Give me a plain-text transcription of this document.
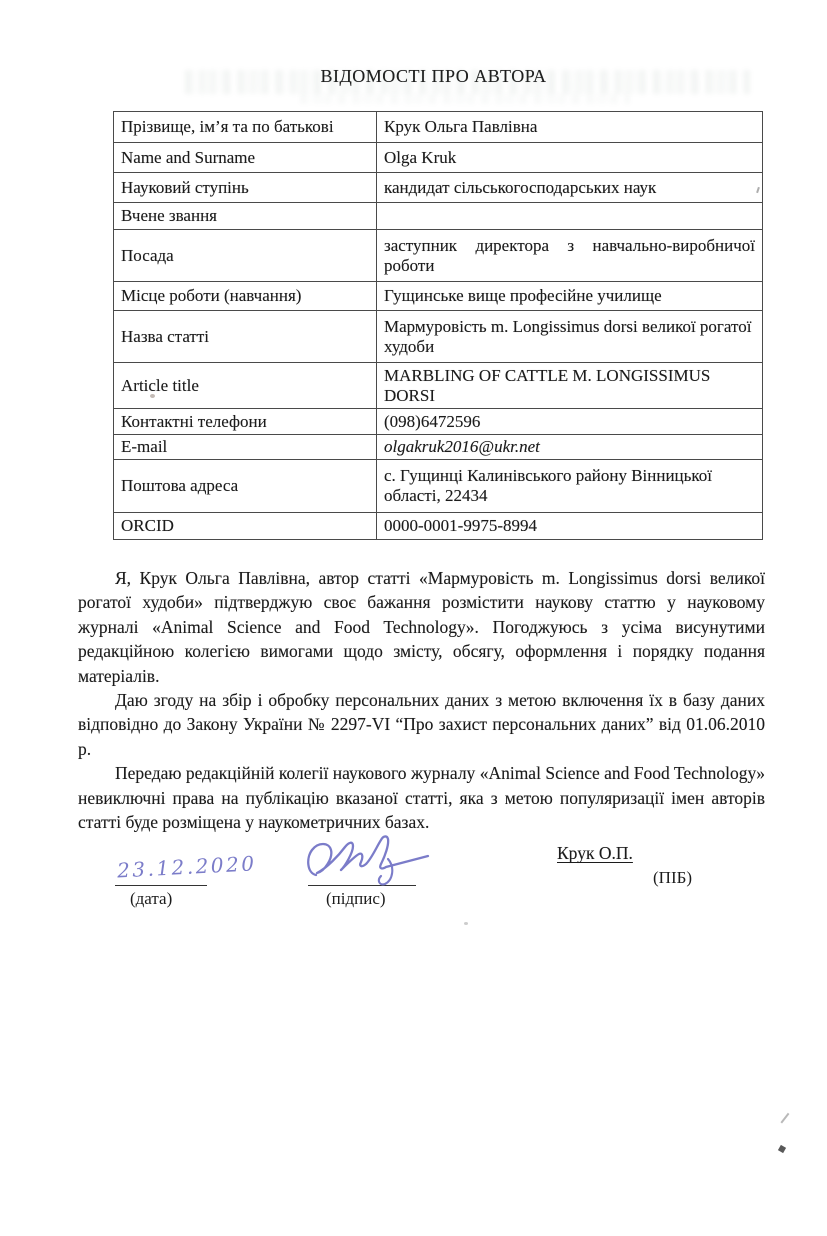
ВІДОМОСТІ ПРО АВТОРА
Прізвище, ім’я та по батькові	Крук Ольга Павлівна
Name and Surname	Olga Kruk
Науковий ступінь	кандидат сільськогосподарських наук
Вчене звання	
Посада	заступник директора з навчально-виробничої роботи
Місце роботи (навчання)	Гущинське вище професійне училище
Назва статті	Мармуровість m. Longissimus dorsi великої рогатої худоби
Article title	MARBLING OF CATTLE M. LONGISSIMUS DORSI
Контактні телефони	(098)6472596
E-mail	olgakruk2016@ukr.net
Поштова адреса	с. Гущинці Калинівського району Вінницької області, 22434
ORCID	0000-0001-9975-8994

Я, Крук Ольга Павлівна, автор статті «Мармуровість m. Longissimus dorsi великої рогатої худоби» підтверджую своє бажання розмістити наукову статтю у науковому журналі «Animal Science and Food Technology». Погоджуюсь з усіма висунутими редакційною колегією вимогами щодо змісту, обсягу, оформлення і порядку подання матеріалів.

Даю згоду на збір і обробку персональних даних з метою включення їх в базу даних відповідно до Закону України № 2297-VI “Про захист персональних даних” від 01.06.2010 р.

Передаю редакційній колегії наукового журналу «Animal Science and Food Technology» невиключні права на публікацію вказаної статті, яка з метою популяризації імен авторів статті буде розміщена у наукометричних базах.

23.12.2020
(дата)	(підпис)
Крук О.П.
(ПІБ)
